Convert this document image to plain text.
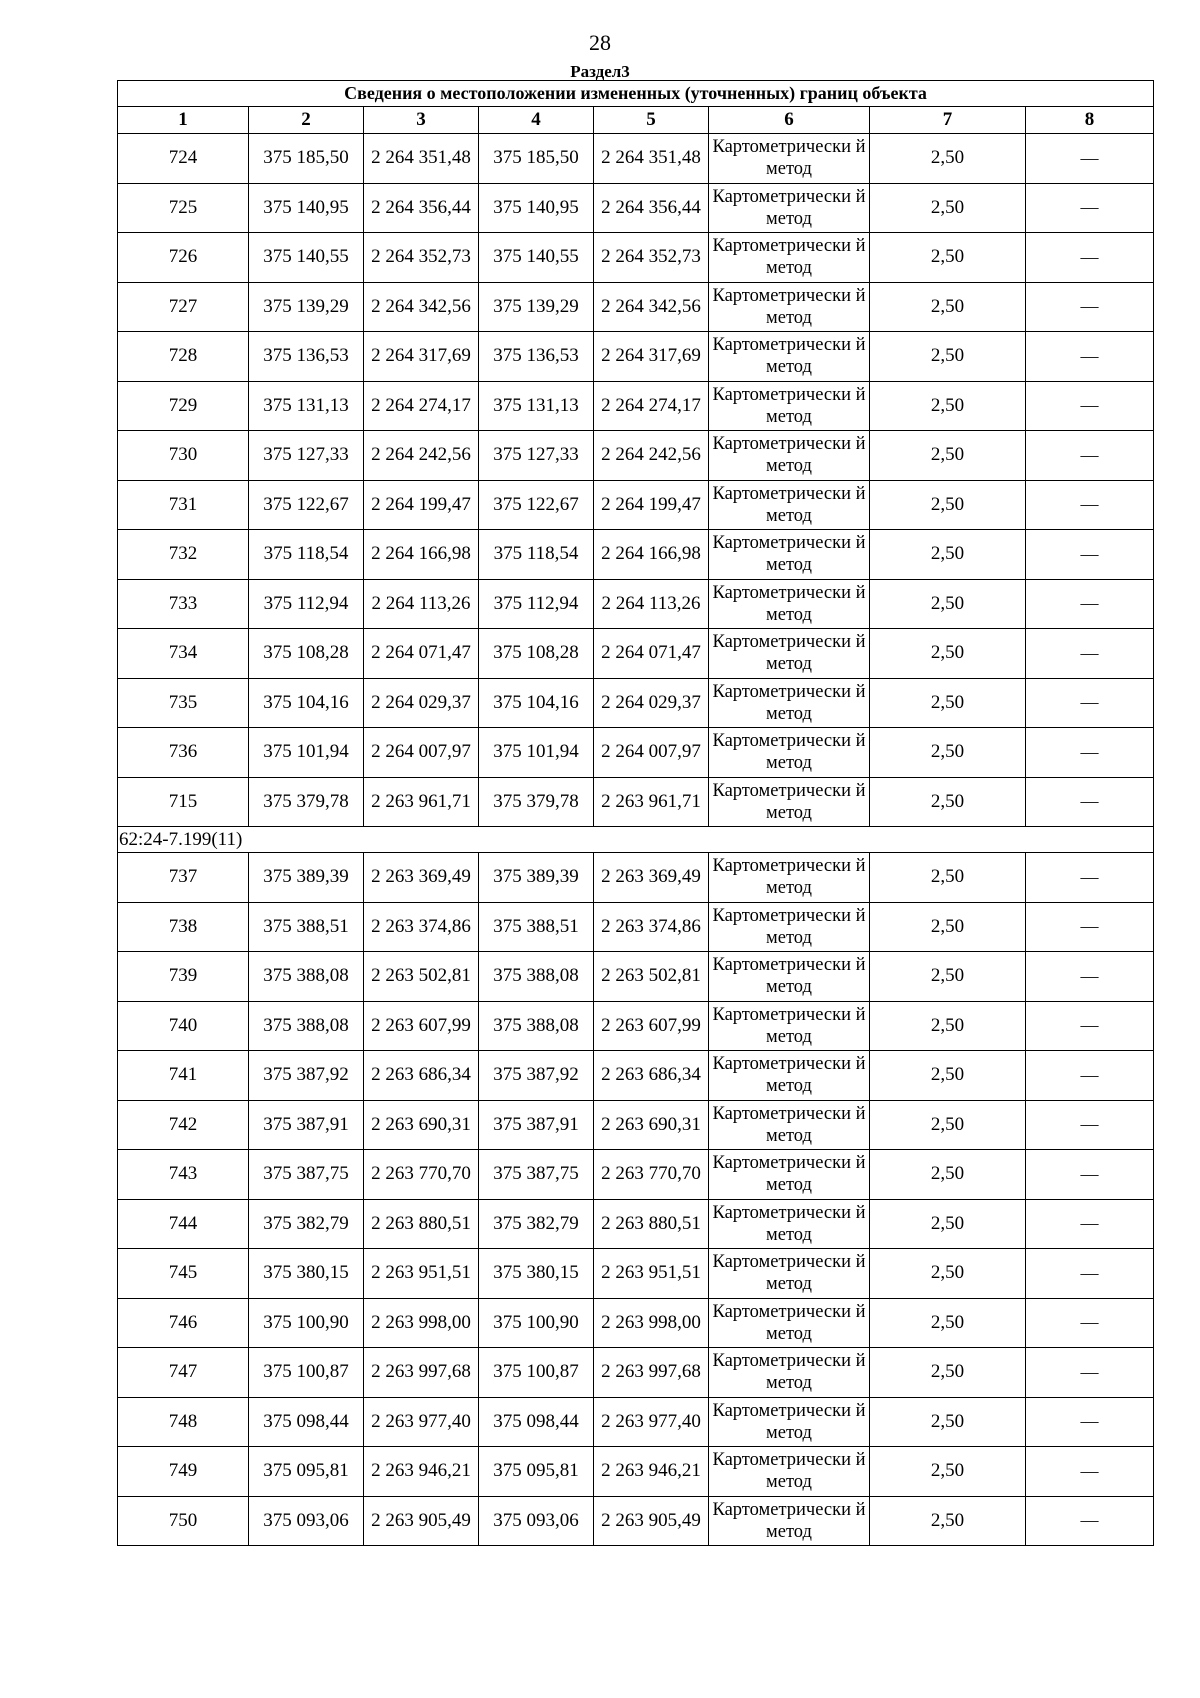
28
Раздел3
Сведения о местоположении измененных (уточненных) границ объекта							
1	2	3	4	5	6	7	8
724	375 185,50	2 264 351,48	375 185,50	2 264 351,48	Картометрически й метод	2,50	—
725	375 140,95	2 264 356,44	375 140,95	2 264 356,44	Картометрически й метод	2,50	—
726	375 140,55	2 264 352,73	375 140,55	2 264 352,73	Картометрически й метод	2,50	—
727	375 139,29	2 264 342,56	375 139,29	2 264 342,56	Картометрически й метод	2,50	—
728	375 136,53	2 264 317,69	375 136,53	2 264 317,69	Картометрически й метод	2,50	—
729	375 131,13	2 264 274,17	375 131,13	2 264 274,17	Картометрически й метод	2,50	—
730	375 127,33	2 264 242,56	375 127,33	2 264 242,56	Картометрически й метод	2,50	—
731	375 122,67	2 264 199,47	375 122,67	2 264 199,47	Картометрически й метод	2,50	—
732	375 118,54	2 264 166,98	375 118,54	2 264 166,98	Картометрически й метод	2,50	—
733	375 112,94	2 264 113,26	375 112,94	2 264 113,26	Картометрически й метод	2,50	—
734	375 108,28	2 264 071,47	375 108,28	2 264 071,47	Картометрически й метод	2,50	—
735	375 104,16	2 264 029,37	375 104,16	2 264 029,37	Картометрически й метод	2,50	—
736	375 101,94	2 264 007,97	375 101,94	2 264 007,97	Картометрически й метод	2,50	—
715	375 379,78	2 263 961,71	375 379,78	2 263 961,71	Картометрически й метод	2,50	—
62:24-7.199(11)							
737	375 389,39	2 263 369,49	375 389,39	2 263 369,49	Картометрически й метод	2,50	—
738	375 388,51	2 263 374,86	375 388,51	2 263 374,86	Картометрически й метод	2,50	—
739	375 388,08	2 263 502,81	375 388,08	2 263 502,81	Картометрически й метод	2,50	—
740	375 388,08	2 263 607,99	375 388,08	2 263 607,99	Картометрически й метод	2,50	—
741	375 387,92	2 263 686,34	375 387,92	2 263 686,34	Картометрически й метод	2,50	—
742	375 387,91	2 263 690,31	375 387,91	2 263 690,31	Картометрически й метод	2,50	—
743	375 387,75	2 263 770,70	375 387,75	2 263 770,70	Картометрически й метод	2,50	—
744	375 382,79	2 263 880,51	375 382,79	2 263 880,51	Картометрически й метод	2,50	—
745	375 380,15	2 263 951,51	375 380,15	2 263 951,51	Картометрически й метод	2,50	—
746	375 100,90	2 263 998,00	375 100,90	2 263 998,00	Картометрически й метод	2,50	—
747	375 100,87	2 263 997,68	375 100,87	2 263 997,68	Картометрически й метод	2,50	—
748	375 098,44	2 263 977,40	375 098,44	2 263 977,40	Картометрически й метод	2,50	—
749	375 095,81	2 263 946,21	375 095,81	2 263 946,21	Картометрически й метод	2,50	—
750	375 093,06	2 263 905,49	375 093,06	2 263 905,49	Картометрически й метод	2,50	—
